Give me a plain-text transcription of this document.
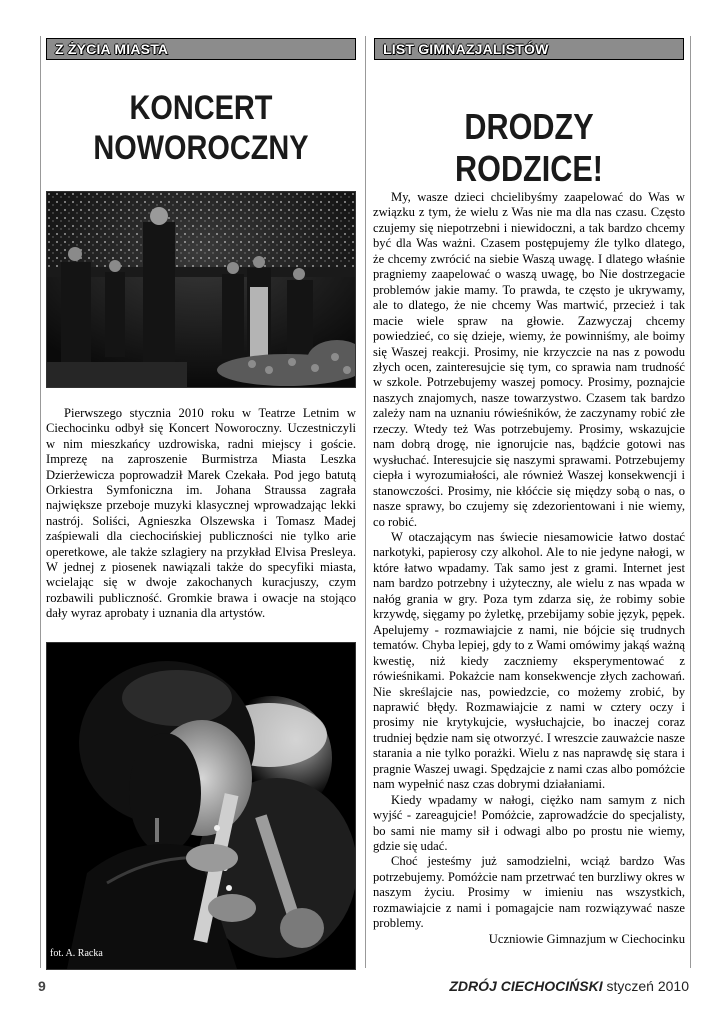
Z ŻYCIA MIASTA	LIST GIMNAZJALISTÓW
KONCERT
NOWOROCZNY
DRODZY RODZICE!

Pierwszego stycznia 2010 roku w Teatrze Letnim w Ciechocinku odbył się Koncert Noworoczny. Uczestniczyli w nim mieszkańcy uzdrowiska, radni miejscy i goście. Imprezę na zaproszenie Burmistrza Miasta Leszka Dzierżewicza poprowadził Marek Czekała. Pod jego batutą Orkiestra Symfoniczna im. Johana Straussa zagrała największe przeboje muzyki klasycznej wprowadzając lekki nastrój. Soliści, Agnieszka Olszewska i Tomasz Madej zaśpiewali dla ciechocińskiej publiczności nie tylko arie operetkowe, ale także szlagiery na przykład Elvisa Presleya. W jednej z piosenek nawiązali także do specyfiki miasta, wcielając się w dwoje zakochanych kuracjuszy, czym rozbawili publiczność. Gromkie brawa i owacje na stojąco dały wyraz aprobaty i uznania dla artystów.

fot. A. Racka

My, wasze dzieci chcielibyśmy zaapelować do Was w związku z tym, że wielu z Was nie ma dla nas czasu. Często czujemy się niepotrzebni i niewidoczni, a tak bardzo chcemy być dla Was ważni. Czasem postępujemy źle tylko dlatego, że chcemy zwrócić na siebie Waszą uwagę. I dlatego właśnie pragniemy zaapelować o waszą uwagę, bo Nie dostrzegacie problemów jakie mamy. To prawda, te często je ukrywamy, ale to dlatego, że nie chcemy Was martwić, przecież i tak macie wiele spraw na głowie. Zazwyczaj chcemy powiedzieć, co się dzieje, wiemy, że powinniśmy, ale boimy się Waszej reakcji. Prosimy, nie krzyczcie na nas z powodu złych ocen, zainteresujcie się tym, co sprawia nam trudność w szkole. Potrzebujemy waszej pomocy. Prosimy, poznajcie naszych znajomych, nasze towarzystwo. Czasem tak bardzo zależy nam na uznaniu rówieśników, że zaczynamy robić złe rzeczy. Wtedy też Was potrzebujemy. Prosimy, wskazujcie nam dobrą drogę, nie ignorujcie nas, bądźcie gotowi nas wysłuchać. Interesujcie się naszymi sprawami. Potrzebujemy ciepła i wyrozumiałości, ale również Waszej konsekwencji i stanowczości. Prosimy, nie kłóćcie się między sobą o nas, o nasze sprawy, bo czujemy się zdezorientowani i nie wiemy, co robić.

W otaczającym nas świecie niesamowicie łatwo dostać narkotyki, papierosy czy alkohol. Ale to nie jedyne nałogi, w które łatwo wpadamy. Tak samo jest z grami. Internet jest nam bardzo potrzebny i użyteczny, ale wielu z nas wpada w nałóg grania w gry. Poza tym zdarza się, że robimy sobie krzywdę, sięgamy po żyletkę, przebijamy sobie język, pępek. Apelujemy - rozmawiajcie z nami, nie bójcie się trudnych tematów. Chyba lepiej, gdy to z Wami omówimy jakąś ważną kwestię, niż kiedy zaczniemy eksperymentować z rówieśnikami. Pokażcie nam konsekwencje złych zachowań. Nie skreślajcie nas, powiedzcie, co możemy zrobić, by naprawić błędy. Rozmawiajcie z nami w cztery oczy i prosimy nie krytykujcie, wysłuchajcie, bo inaczej coraz trudniej będzie nam się otworzyć. I wreszcie zauważcie nasze starania a nie tylko porażki. Wielu z nas naprawdę się stara i pragnie Waszej uwagi. Spędzajcie z nami czas albo pomóżcie nam wypełnić nasz czas dobrymi działaniami.

Kiedy wpadamy w nałogi, ciężko nam samym z nich wyjść - zareagujcie! Pomóżcie, zaprowadźcie do specjalisty, bo sami nie mamy sił i odwagi albo po prostu nie wiemy, gdzie się udać.

Choć jesteśmy już samodzielni, wciąż bardzo Was potrzebujemy. Pomóżcie nam przetrwać ten burzliwy okres w naszym życiu. Prosimy w imieniu nas wszystkich, rozmawiajcie z nami i pomagajcie nam rozwiązywać nasze problemy.

Uczniowie Gimnazjum w Ciechocinku

9	ZDRÓJ CIECHOCIŃSKI styczeń 2010
